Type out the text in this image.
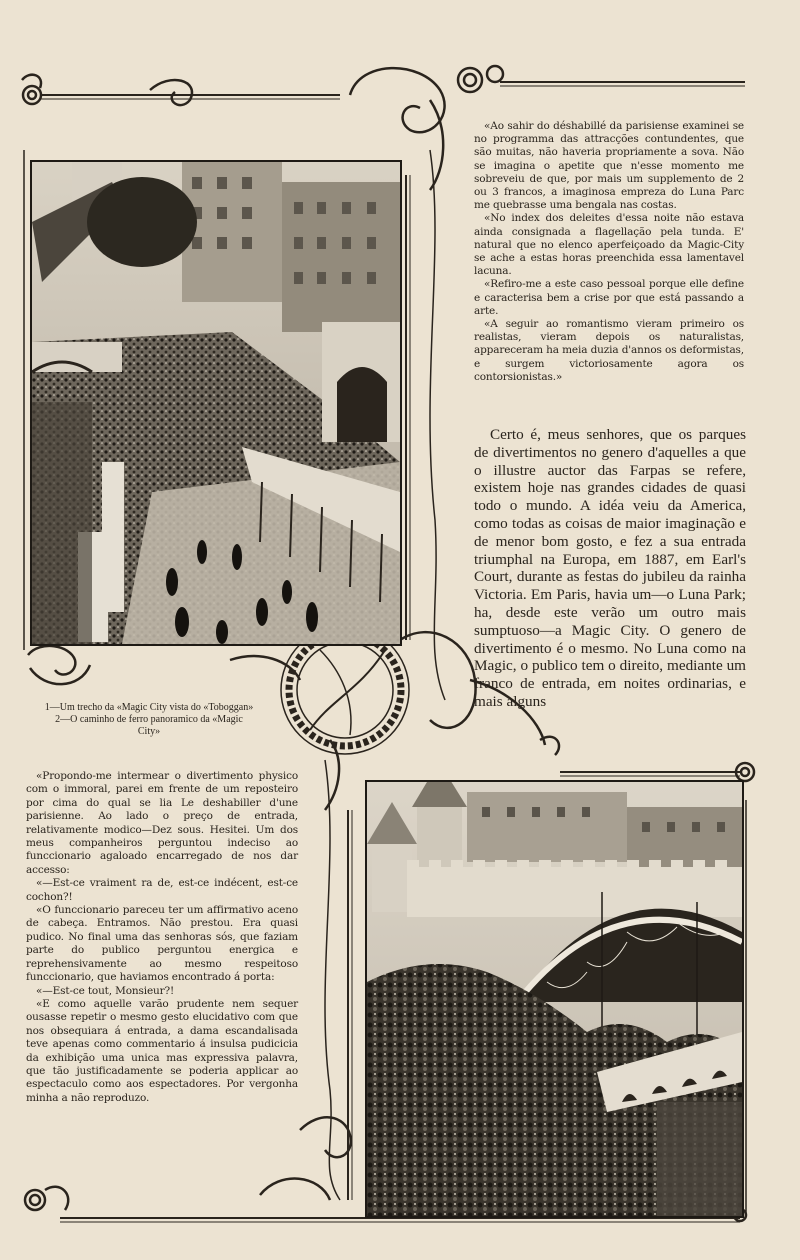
1—Um trecho da «Magic City vista do «Toboggan»

2—O caminho de ferro panoramico da «Magic City»

«Ao sahir do déshabillé da parisiense examinei se no programma das attracções contundentes, que são muitas, não haveria propriamente a sova. Não se imagina o apetite que n'esse momento me sobreveiu de que, por mais um supplemento de 2 ou 3 francos, a imaginosa empreza do Luna Parc me quebrasse uma bengala nas costas.

«No index dos deleites d'essa noite não estava ainda consignada a flagellação pela tunda. E' natural que no elenco aperfeiçoado da Magic-City se ache a estas horas preenchida essa lamentavel lacuna.

«Refiro-me a este caso pessoal porque elle define e caracterisa bem a crise por que está passando a arte.

«A seguir ao romantismo vieram primeiro os realistas, vieram depois os naturalistas, appareceram ha meia duzia d'annos os deformistas, e surgem victoriosamente agora os contorsionistas.»

Certo é, meus senhores, que os parques de divertimentos no genero d'aquelles a que o illustre auctor das Farpas se refere, existem hoje nas grandes cidades de quasi todo o mundo. A idéa veiu da America, como todas as coisas de maior imaginação e de menor bom gosto, e fez a sua entrada triumphal na Europa, em 1887, em Earl's Court, durante as festas do jubileu da rainha Victoria. Em Paris, havia um—o Luna Park; ha, desde este verão um outro mais sumptuoso—a Magic City. O genero de divertimento é o mesmo. No Luna como na Magic, o publico tem o direito, mediante um franco de entrada, em noites ordinarias, e mais alguns

«Propondo-me intermear o divertimento physico com o immoral, parei em frente de um reposteiro por cima do qual se lia Le deshabiller d'une parisienne. Ao lado o preço de entrada, relativamente modico—Dez sous. Hesitei. Um dos meus companheiros perguntou indeciso ao funccionario agaloado encarregado de nos dar accesso:

«—Est-ce vraiment ra de, est-ce indécent, est-ce cochon?!

«O funccionario pareceu ter um affirmativo aceno de cabeça. Entramos. Não prestou. Era quasi pudico. No final uma das senhoras sós, que faziam parte do publico perguntou energica e reprehensivamente ao mesmo respeitoso funccionario, que haviamos encontrado á porta:

«—Est-ce tout, Monsieur?!

«E como aquelle varão prudente nem sequer ousasse repetir o mesmo gesto elucidativo com que nos obsequiara á entrada, a dama escandalisada teve apenas como commentario á insulsa pudicicia da exhibição uma unica mas expressiva palavra, que tão justificadamente se poderia applicar ao espectaculo como aos espectadores. Por vergonha minha a não reproduzo.
